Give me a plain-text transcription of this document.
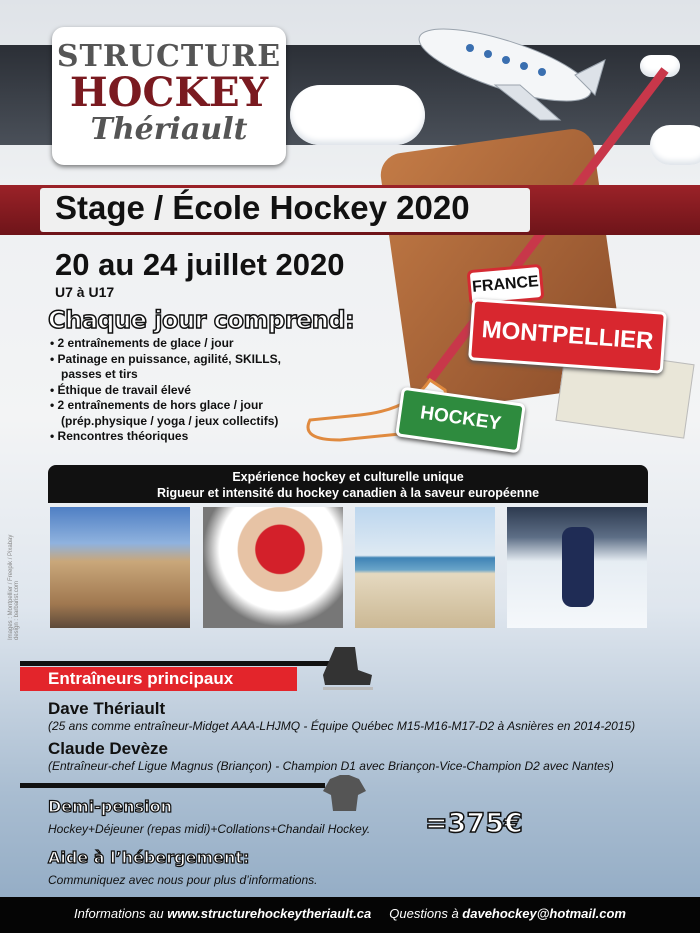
STRUCTURE
HOCKEY
Thériault
FRANCE
MONTPELLIER
HOCKEY
Stage / École Hockey 2020
20 au 24 juillet 2020
U7 à U17
Chaque jour comprend:
• 2 entraînements de glace / jour
• Patinage en puissance, agilité, SKILLS, passes et tirs
• Éthique de travail élevé
• 2 entraînements de hors glace / jour (prép.physique / yoga / jeux collectifs)
• Rencontres théoriques
Expérience hockey et culturelle unique
Rigueur et intensité du hockey canadien à la saveur européenne
Images : Montpellier / Freepik / Pixabay
design : barbarist.com
Entraîneurs principaux
Dave Thériault
(25 ans comme entraîneur-Midget AAA-LHJMQ - Équipe Québec M15-M16-M17-D2 à Asnières en 2014-2015)
Claude Devèze
(Entraîneur-chef Ligue Magnus (Briançon) - Champion D1 avec Briançon-Vice-Champion D2 avec Nantes)
Demi-pension
Hockey+Déjeuner (repas midi)+Collations+Chandail Hockey. =375€
Aide à l’hébergement:
Communiquez avec nous pour plus d’informations.
Informations au www.structurehockeytheriault.ca Questions à davehockey@hotmail.com
